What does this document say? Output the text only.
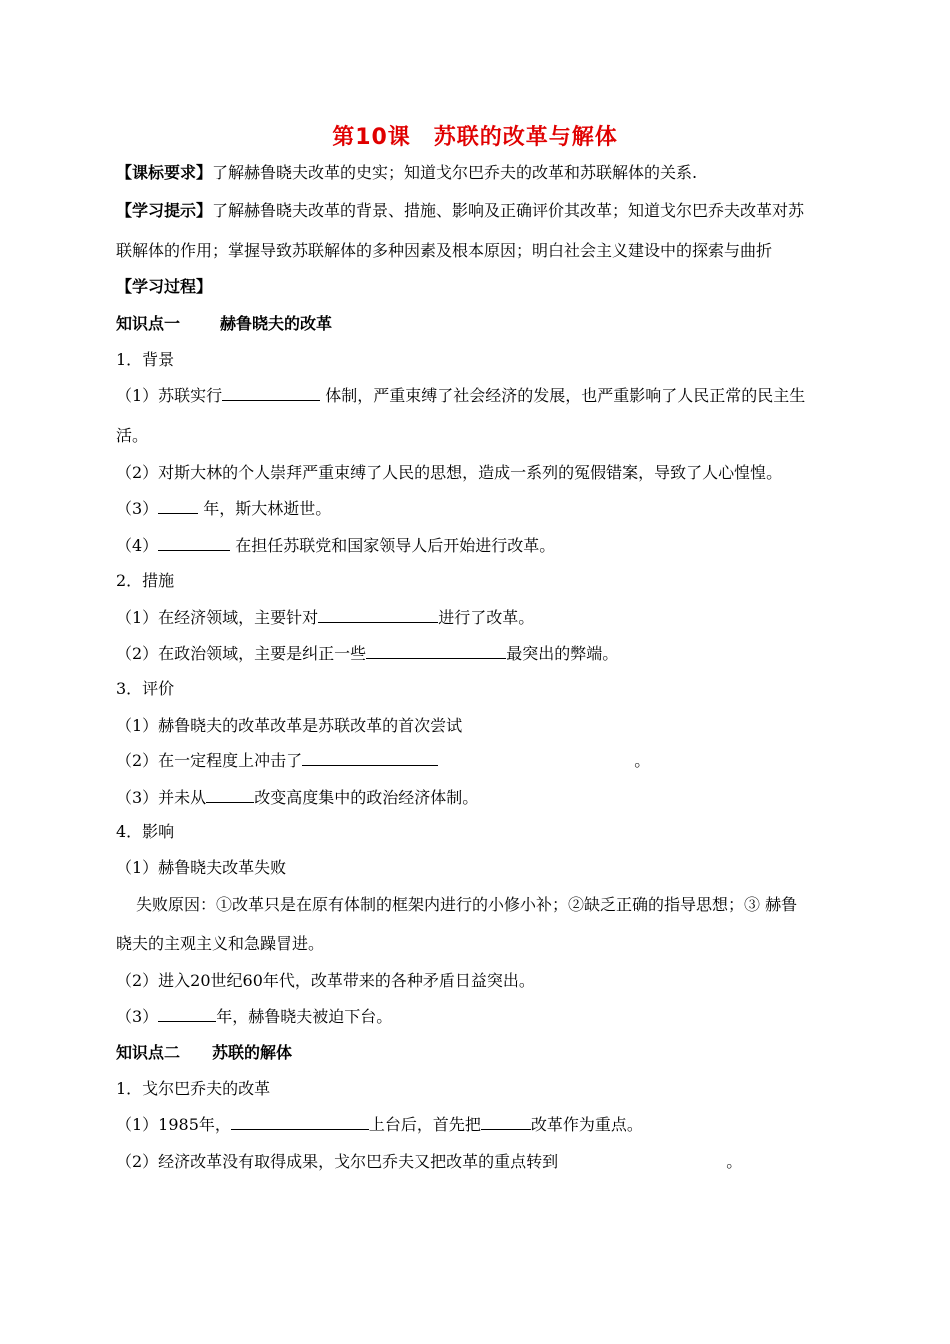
第10课　苏联的改革与解体
【课标要求】了解赫鲁晓夫改革的史实；知道戈尔巴乔夫的改革和苏联解体的关系.
【学习提示】了解赫鲁晓夫改革的背景、措施、影响及正确评价其改革；知道戈尔巴乔夫改革对苏
联解体的作用；掌握导致苏联解体的多种因素及根本原因；明白社会主义建设中的探索与曲折
【学习过程】
知识点一	赫鲁晓夫的改革
1．背景
（1）苏联实行	体制，严重束缚了社会经济的发展，也严重影响了人民正常的民主生
活。
（2）对斯大林的个人崇拜严重束缚了人民的思想，造成一系列的冤假错案，导致了人心惶惶。
（3）	年，斯大林逝世。
（4）	在担任苏联党和国家领导人后开始进行改革。
2．措施
（1）在经济领域，主要针对	进行了改革。
（2）在政治领域，主要是纠正一些	最突出的弊端。
3．评价
（1）赫鲁晓夫的改革改革是苏联改革的首次尝试
（2）在一定程度上冲击了	。
（3）并未从	改变高度集中的政治经济体制。
4．影响
（1）赫鲁晓夫改革失败
失败原因：①改革只是在原有体制的框架内进行的小修小补；②缺乏正确的指导思想；③ 赫鲁
晓夫的主观主义和急躁冒进。
（2）进入20世纪60年代，改革带来的各种矛盾日益突出。
（3）	年，赫鲁晓夫被迫下台。
知识点二 苏联的解体
1．戈尔巴乔夫的改革
（1）1985年，	上台后，首先把	改革作为重点。
（2）经济改革没有取得成果，戈尔巴乔夫又把改革的重点转到	。
